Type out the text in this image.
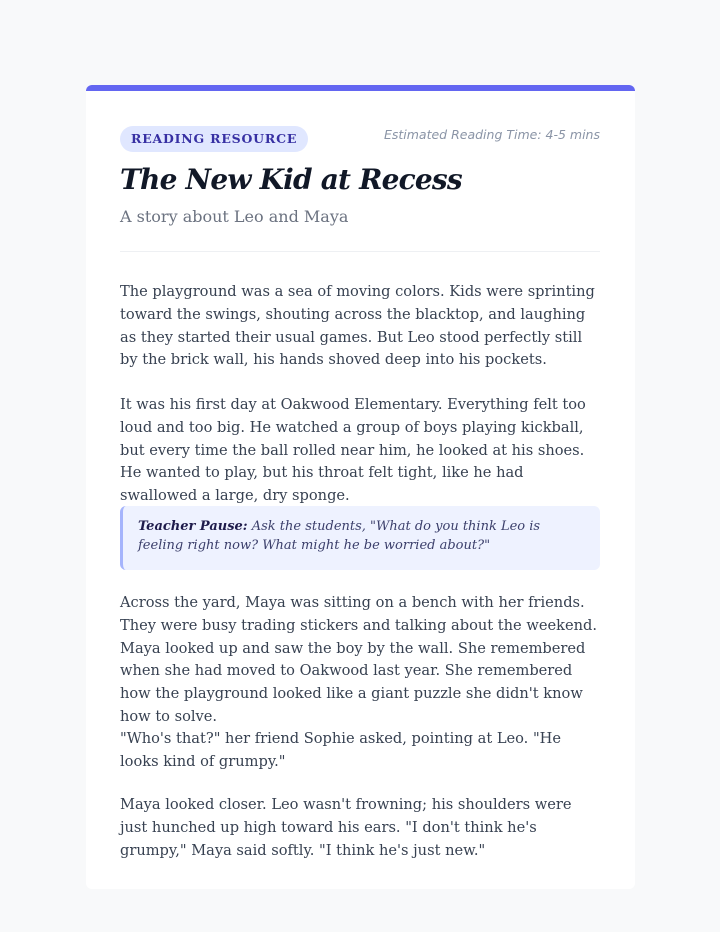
READING RESOURCE	Estimated Reading Time: 4-5 mins
The New Kid at Recess
A story about Leo and Maya

The playground was a sea of moving colors. Kids were sprinting toward the swings, shouting across the blacktop, and laughing as they started their usual games. But Leo stood perfectly still by the brick wall, his hands shoved deep into his pockets.

It was his first day at Oakwood Elementary. Everything felt too loud and too big. He watched a group of boys playing kickball, but every time the ball rolled near him, he looked at his shoes. He wanted to play, but his throat felt tight, like he had swallowed a large, dry sponge.

Teacher Pause: Ask the students, "What do you think Leo is feeling right now? What might he be worried about?"

Across the yard, Maya was sitting on a bench with her friends. They were busy trading stickers and talking about the weekend. Maya looked up and saw the boy by the wall. She remembered when she had moved to Oakwood last year. She remembered how the playground looked like a giant puzzle she didn't know how to solve.

"Who's that?" her friend Sophie asked, pointing at Leo. "He looks kind of grumpy."

Maya looked closer. Leo wasn't frowning; his shoulders were just hunched up high toward his ears. "I don't think he's grumpy," Maya said softly. "I think he's just new."
